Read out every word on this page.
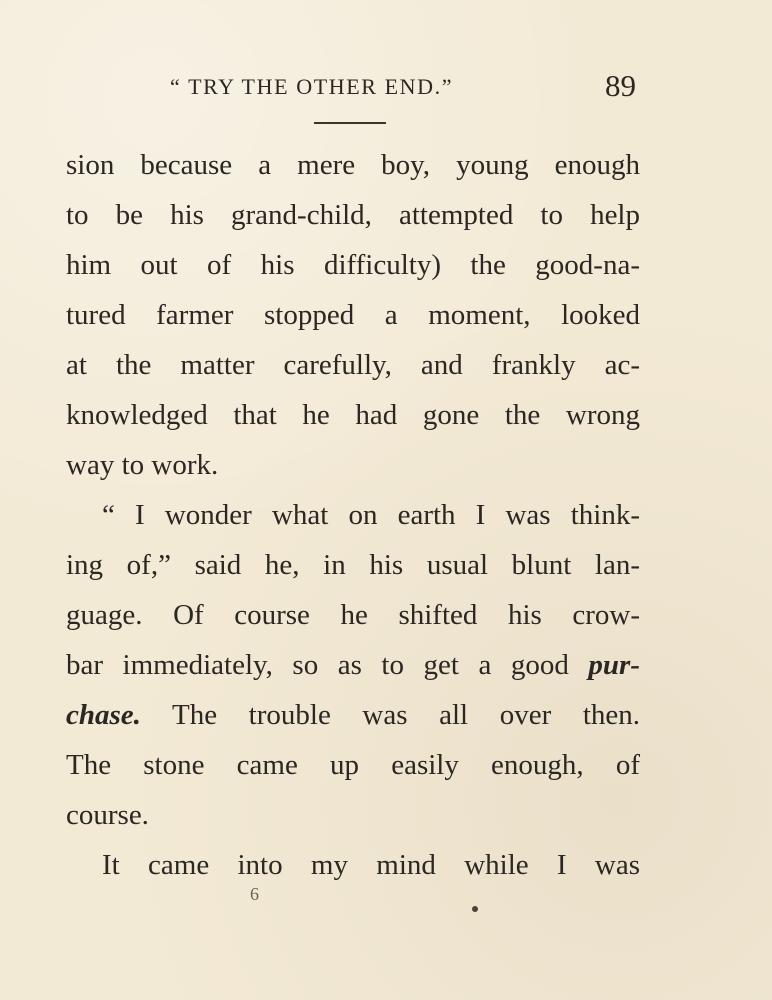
“ TRY THE OTHER END.”	89
sion because a mere boy, young enough
to be his grand-child, attempted to help
him out of his difficulty) the good-na-
tured farmer stopped a moment, looked
at the matter carefully, and frankly ac-
knowledged that he had gone the wrong
way to work.
“ I wonder what on earth I was think-
ing of,” said he, in his usual blunt lan-
guage. Of course he shifted his crow-
bar immediately, so as to get a good pur-
chase. The trouble was all over then.
The stone came up easily enough, of
course.
It came into my mind while I was
6
